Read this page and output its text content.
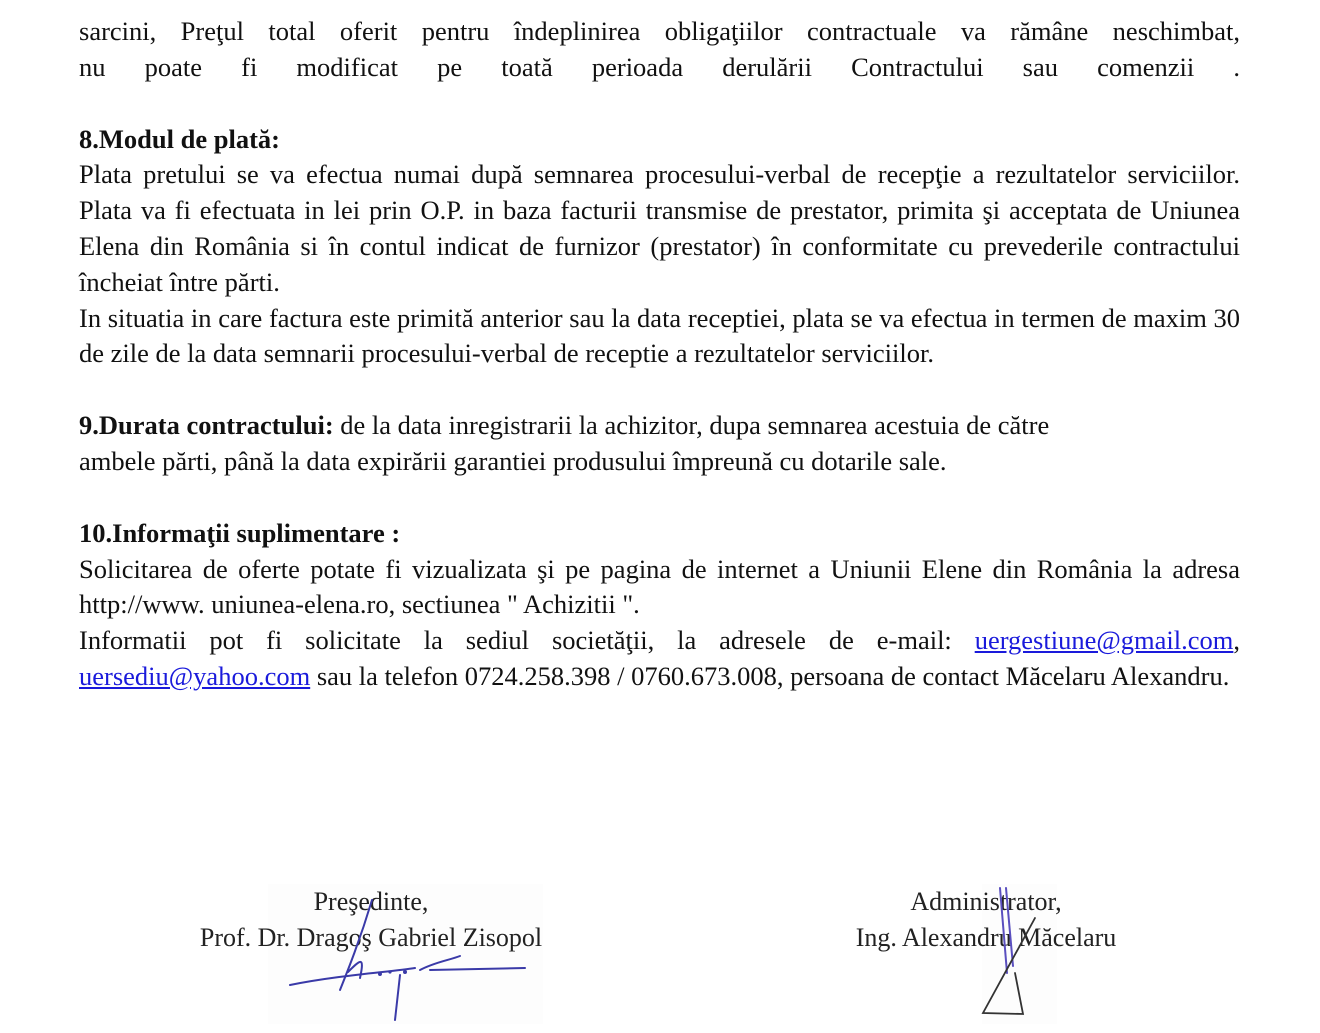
sarcini, Preţul total oferit pentru îndeplinirea obligaţiilor contractuale va rămâne neschimbat,

nu poate fi modificat pe toată perioada derulării Contractului sau comenzii .

8.Modul de plată:

Plata pretului se va efectua numai după semnarea procesului-verbal de recepţie a rezultatelor serviciilor. Plata va fi efectuata in lei prin O.P. in baza facturii transmise de prestator, primita şi acceptata de Uniunea Elena din România si în contul indicat de furnizor (prestator) în conformitate cu prevederile contractului încheiat între părti.

In situatia in care factura este primită anterior sau la data receptiei, plata se va efectua in termen de maxim 30 de zile de la data semnarii procesului-verbal de receptie a rezultatelor serviciilor.

9.Durata contractului: de la data inregistrarii la achizitor, dupa semnarea acestuia de către

ambele părti, până la data expirării garantiei produsului împreună cu dotarile sale.

10.Informaţii suplimentare :

Solicitarea de oferte potate fi vizualizata şi pe pagina de internet a Uniunii Elene din România la adresa http://www. uniunea-elena.ro, sectiunea " Achizitii ".

Informatii pot fi solicitate la sediul societăţii, la adresele de e-mail: uergestiune@gmail.com, uersediu@yahoo.com sau la telefon 0724.258.398 / 0760.673.008, persoana de contact Măcelaru Alexandru.

Preşedinte,
Prof. Dr. Dragoş Gabriel Zisopol
Administrator,
Ing. Alexandru Măcelaru
